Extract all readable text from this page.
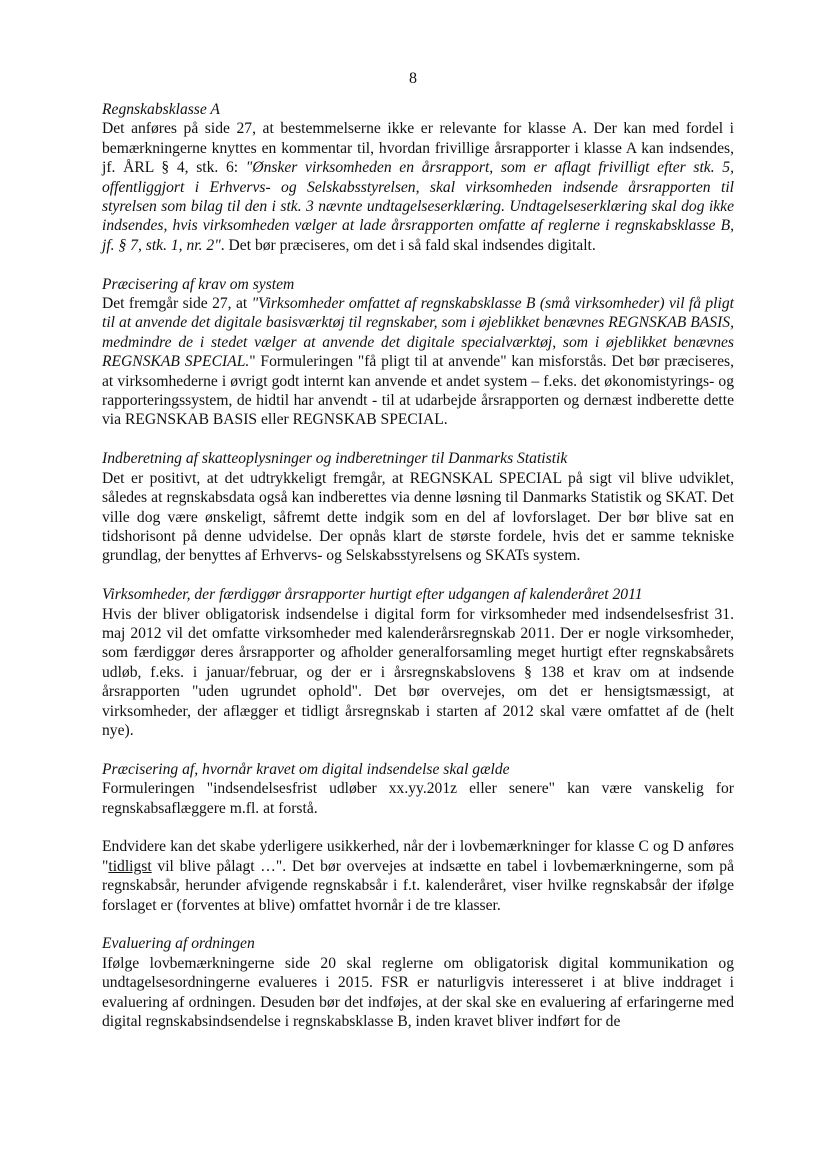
8
Regnskabsklasse A

Det anføres på side 27, at bestemmelserne ikke er relevante for klasse A. Der kan med fordel i bemærkningerne knyttes en kommentar til, hvordan frivillige årsrapporter i klasse A kan indsendes, jf. ÅRL § 4, stk. 6: "Ønsker virksomheden en årsrapport, som er aflagt frivilligt efter stk. 5, offentliggjort i Erhvervs- og Selskabsstyrelsen, skal virksomheden indsende årsrapporten til styrelsen som bilag til den i stk. 3 nævnte undtagelseserklæring. Undtagelseserklæring skal dog ikke indsendes, hvis virksomheden vælger at lade årsrapporten omfatte af reglerne i regnskabsklasse B, jf. § 7, stk. 1, nr. 2". Det bør præciseres, om det i så fald skal indsendes digitalt.

Præcisering af krav om system

Det fremgår side 27, at "Virksomheder omfattet af regnskabsklasse B (små virksomheder) vil få pligt til at anvende det digitale basisværktøj til regnskaber, som i øjeblikket benævnes REGNSKAB BASIS, medmindre de i stedet vælger at anvende det digitale specialværktøj, som i øjeblikket benævnes REGNSKAB SPECIAL." Formuleringen "få pligt til at anvende" kan misforstås. Det bør præciseres, at virksomhederne i øvrigt godt internt kan anvende et andet system – f.eks. det økonomistyrings- og rapporteringssystem, de hidtil har anvendt - til at udarbejde årsrapporten og dernæst indberette dette via REGNSKAB BASIS eller REGNSKAB SPECIAL.

Indberetning af skatteoplysninger og indberetninger til Danmarks Statistik

Det er positivt, at det udtrykkeligt fremgår, at REGNSKAL SPECIAL på sigt vil blive udviklet, således at regnskabsdata også kan indberettes via denne løsning til Danmarks Statistik og SKAT. Det ville dog være ønskeligt, såfremt dette indgik som en del af lovforslaget. Der bør blive sat en tidshorisont på denne udvidelse. Der opnås klart de største fordele, hvis det er samme tekniske grundlag, der benyttes af Erhvervs- og Selskabsstyrelsens og SKATs system.

Virksomheder, der færdiggør årsrapporter hurtigt efter udgangen af kalenderåret 2011

Hvis der bliver obligatorisk indsendelse i digital form for virksomheder med indsendelsesfrist 31. maj 2012 vil det omfatte virksomheder med kalenderårsregnskab 2011. Der er nogle virksomheder, som færdiggør deres årsrapporter og afholder generalforsamling meget hurtigt efter regnskabsårets udløb, f.eks. i januar/februar, og der er i årsregnskabslovens § 138 et krav om at indsende årsrapporten "uden ugrundet ophold". Det bør overvejes, om det er hensigtsmæssigt, at virksomheder, der aflægger et tidligt årsregnskab i starten af 2012 skal være omfattet af de (helt nye).

Præcisering af, hvornår kravet om digital indsendelse skal gælde

Formuleringen "indsendelsesfrist udløber xx.yy.201z eller senere" kan være vanskelig for regnskabsaflæggere m.fl. at forstå.

Endvidere kan det skabe yderligere usikkerhed, når der i lovbemærkninger for klasse C og D anføres "tidligst vil blive pålagt …". Det bør overvejes at indsætte en tabel i lovbemærkningerne, som på regnskabsår, herunder afvigende regnskabsår i f.t. kalenderåret, viser hvilke regnskabsår der ifølge forslaget er (forventes at blive) omfattet hvornår i de tre klasser.

Evaluering af ordningen

Ifølge lovbemærkningerne side 20 skal reglerne om obligatorisk digital kommunikation og undtagelsesordningerne evalueres i 2015. FSR er naturligvis interesseret i at blive inddraget i evaluering af ordningen. Desuden bør det indføjes, at der skal ske en evaluering af erfaringerne med digital regnskabsindsendelse i regnskabsklasse B, inden kravet bliver indført for de
